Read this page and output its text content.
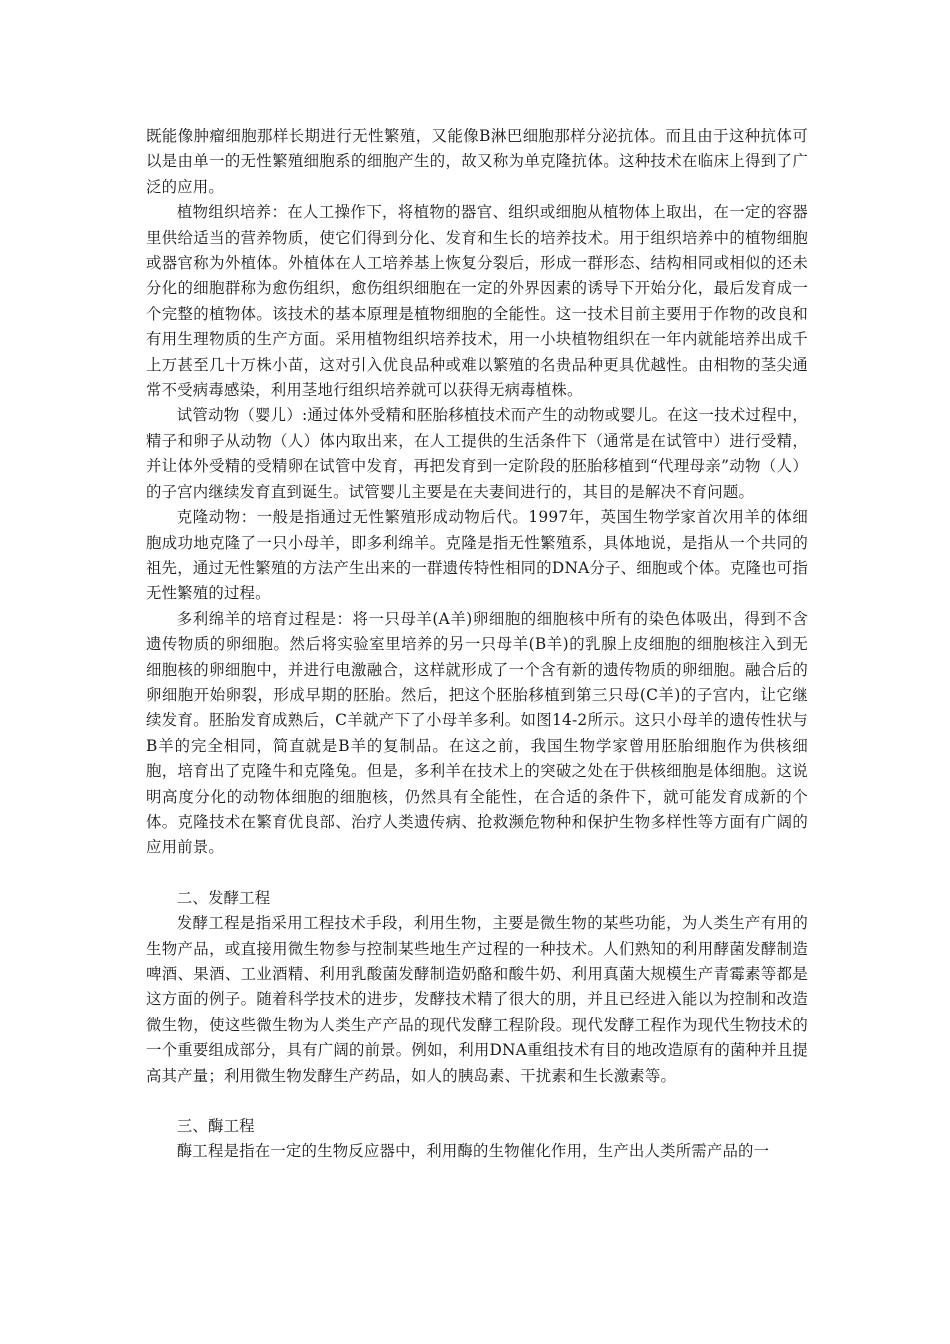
既能像肿瘤细胞那样长期进行无性繁殖，又能像B淋巴细胞那样分泌抗体。而且由于这种抗体可以是由单一的无性繁殖细胞系的细胞产生的，故又称为单克隆抗体。这种技术在临床上得到了广泛的应用。

植物组织培养：在人工操作下，将植物的器官、组织或细胞从植物体上取出，在一定的容器里供给适当的营养物质，使它们得到分化、发育和生长的培养技术。用于组织培养中的植物细胞或器官称为外植体。外植体在人工培养基上恢复分裂后，形成一群形态、结构相同或相似的还未分化的细胞群称为愈伤组织，愈伤组织细胞在一定的外界因素的诱导下开始分化，最后发育成一个完整的植物体。该技术的基本原理是植物细胞的全能性。这一技术目前主要用于作物的改良和有用生理物质的生产方面。采用植物组织培养技术，用一小块植物组织在一年内就能培养出成千上万甚至几十万株小苗，这对引入优良品种或难以繁殖的名贵品种更具优越性。由相物的茎尖通常不受病毒感染，利用茎地行组织培养就可以获得无病毒植株。

试管动物（婴儿）:通过体外受精和胚胎移植技术而产生的动物或婴儿。在这一技术过程中，精子和卵子从动物（人）体内取出来，在人工提供的生活条件下（通常是在试管中）进行受精，并让体外受精的受精卵在试管中发育，再把发育到一定阶段的胚胎移植到“代理母亲”动物（人）的子宫内继续发育直到诞生。试管婴儿主要是在夫妻间进行的，其目的是解决不育问题。

克隆动物：一般是指通过无性繁殖形成动物后代。1997年，英国生物学家首次用羊的体细胞成功地克隆了一只小母羊，即多利绵羊。克隆是指无性繁殖系，具体地说，是指从一个共同的祖先，通过无性繁殖的方法产生出来的一群遗传特性相同的DNA分子、细胞或个体。克隆也可指无性繁殖的过程。

多利绵羊的培育过程是：将一只母羊(A羊)卵细胞的细胞核中所有的染色体吸出，得到不含遗传物质的卵细胞。然后将实验室里培养的另一只母羊(B羊)的乳腺上皮细胞的细胞核注入到无细胞核的卵细胞中，并进行电激融合，这样就形成了一个含有新的遗传物质的卵细胞。融合后的卵细胞开始卵裂，形成早期的胚胎。然后，把这个胚胎移植到第三只母(C羊)的子宫内，让它继续发育。胚胎发育成熟后，C羊就产下了小母羊多利。如图14-2所示。这只小母羊的遗传性状与B羊的完全相同，简直就是B羊的复制品。在这之前，我国生物学家曾用胚胎细胞作为供核细胞，培育出了克隆牛和克隆兔。但是，多利羊在技术上的突破之处在于供核细胞是体细胞。这说明高度分化的动物体细胞的细胞核，仍然具有全能性，在合适的条件下，就可能发育成新的个体。克隆技术在繁育优良部、治疗人类遗传病、抢救濒危物种和保护生物多样性等方面有广阔的应用前景。

二、发酵工程

发酵工程是指采用工程技术手段，利用生物，主要是微生物的某些功能，为人类生产有用的生物产品，或直接用微生物参与控制某些地生产过程的一种技术。人们熟知的利用酵菌发酵制造啤酒、果酒、工业酒精、利用乳酸菌发酵制造奶酪和酸牛奶、利用真菌大规模生产青霉素等都是这方面的例子。随着科学技术的进步，发酵技术精了很大的朋，并且已经进入能以为控制和改造微生物，使这些微生物为人类生产产品的现代发酵工程阶段。现代发酵工程作为现代生物技术的一个重要组成部分，具有广阔的前景。例如，利用DNA重组技术有目的地改造原有的菌种并且提高其产量；利用微生物发酵生产药品，如人的胰岛素、干扰素和生长激素等。

三、酶工程

酶工程是指在一定的生物反应器中，利用酶的生物催化作用，生产出人类所需产品的一
